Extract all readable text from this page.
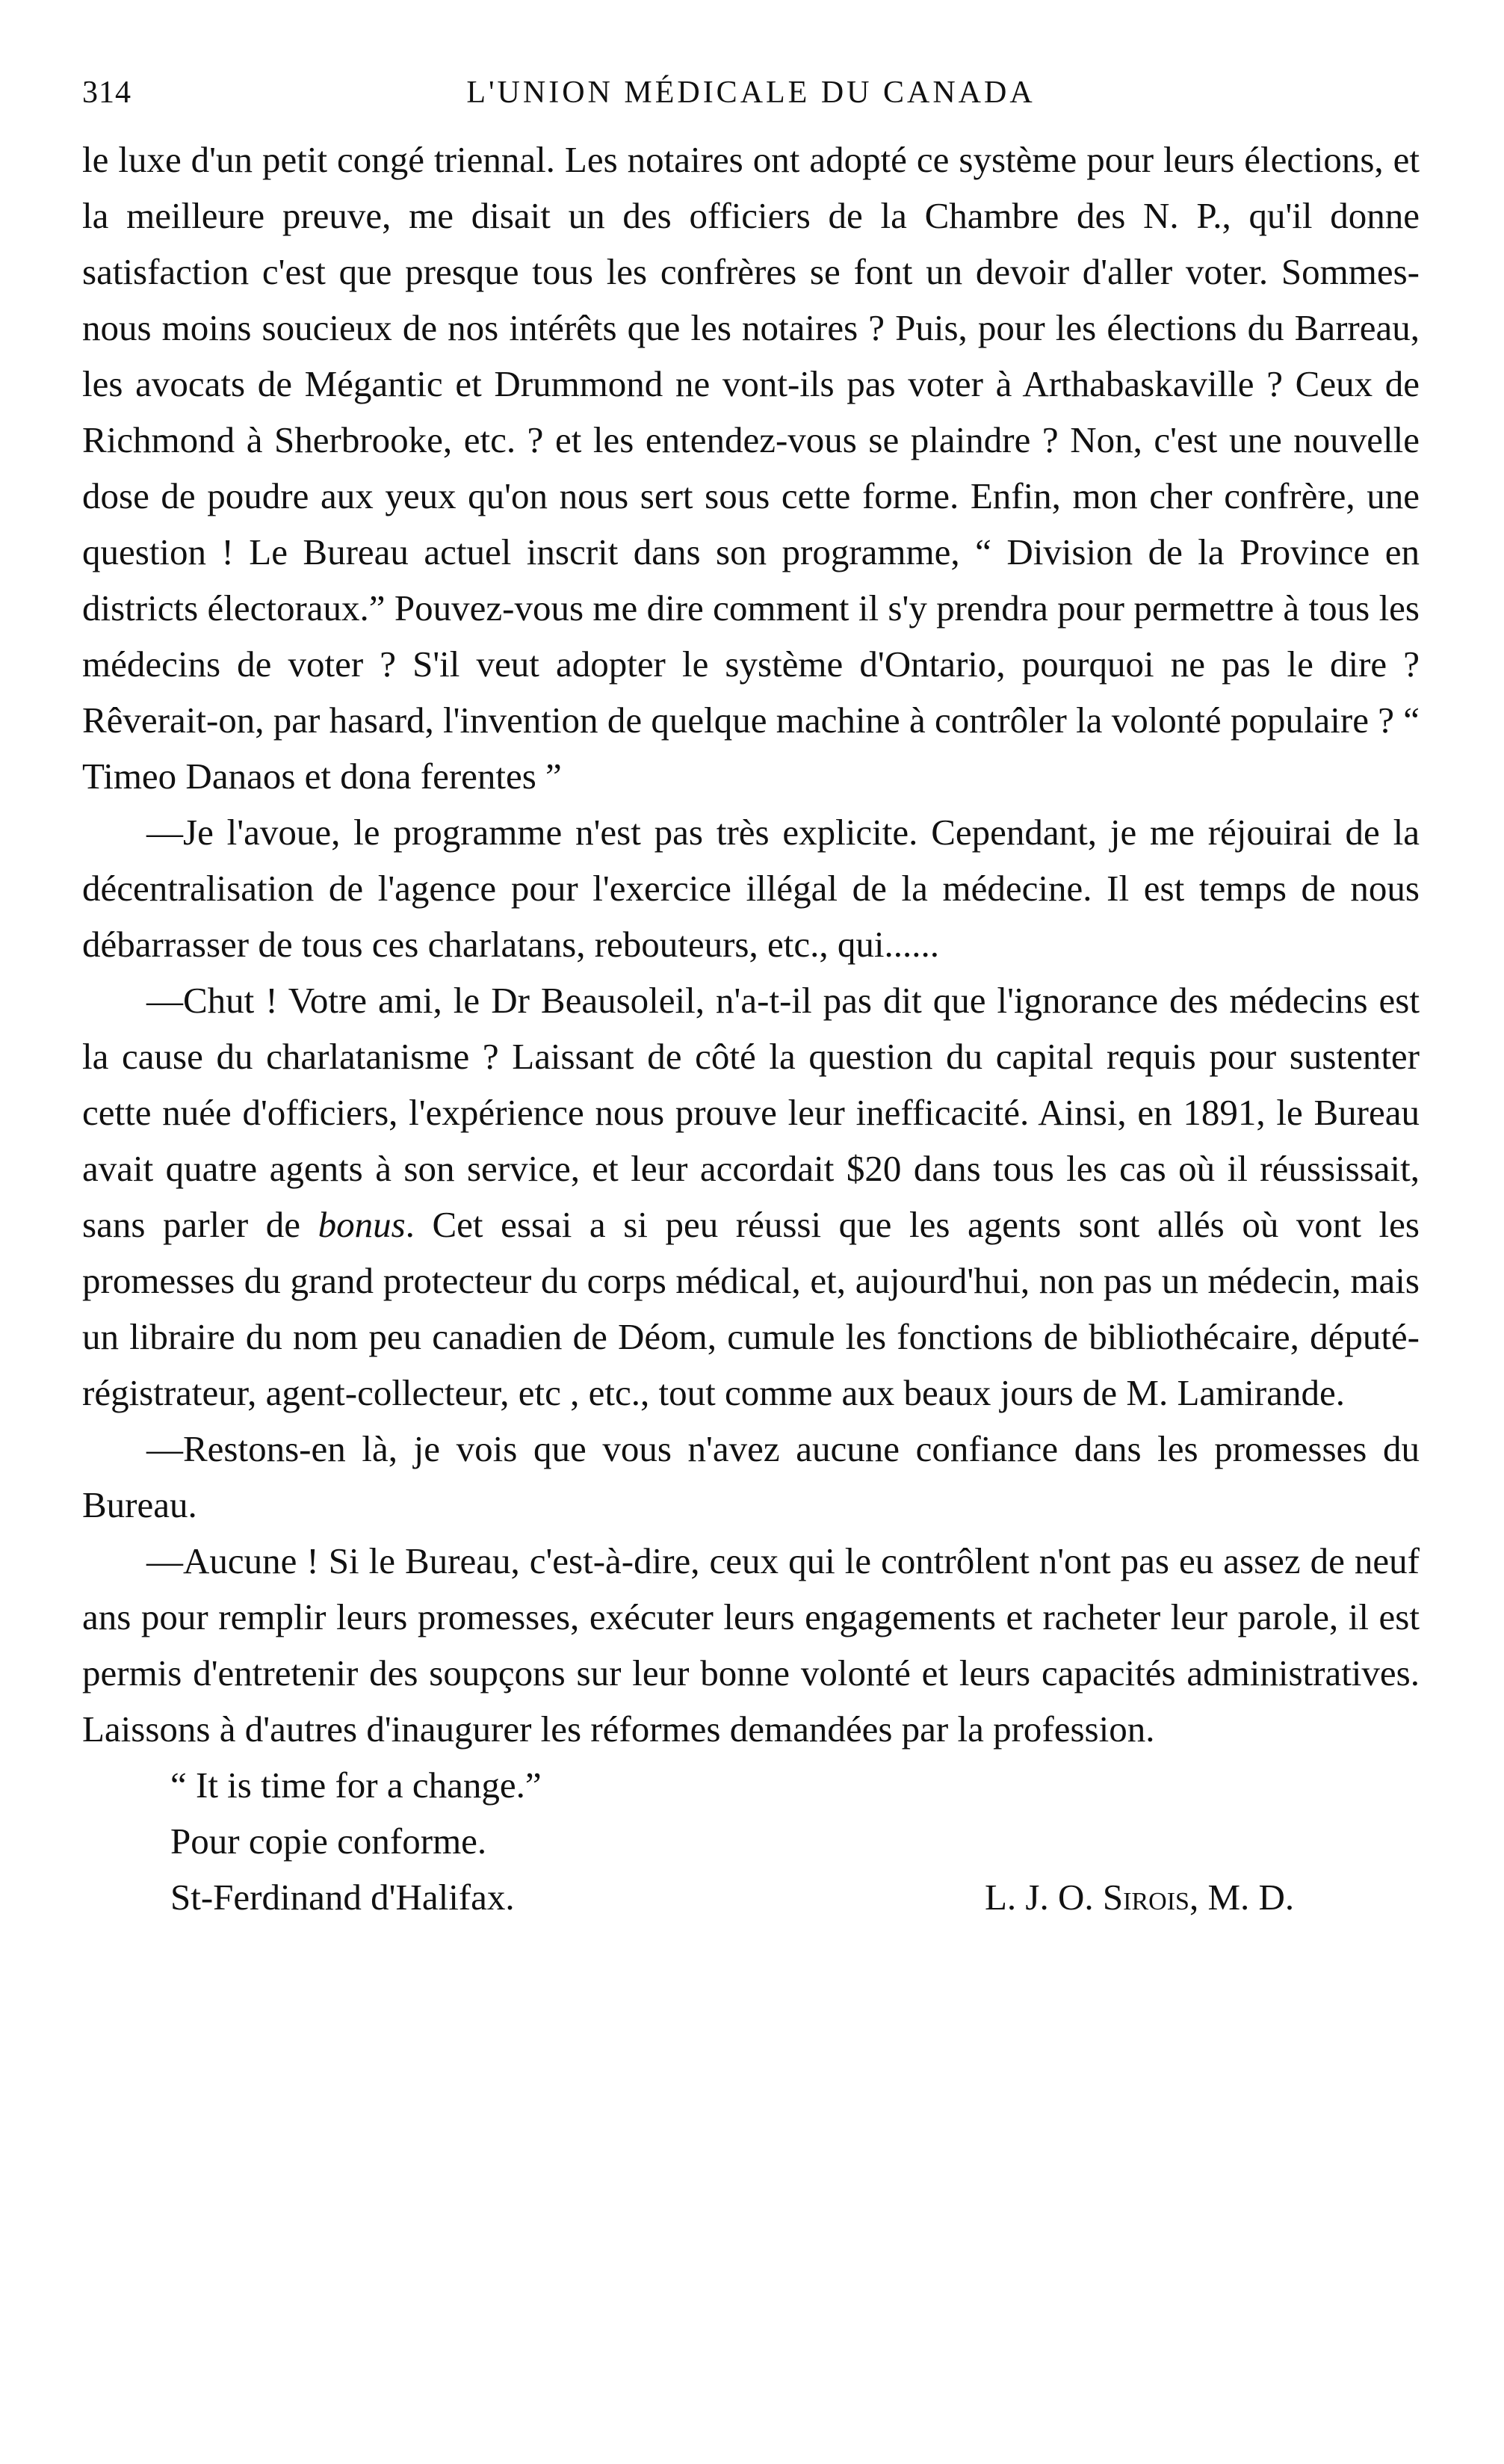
314	L'UNION MÉDICALE DU CANADA

le luxe d'un petit congé triennal. Les notaires ont adopté ce système pour leurs élections, et la meilleure preuve, me disait un des officiers de la Chambre des N. P., qu'il donne satisfaction c'est que presque tous les confrères se font un devoir d'aller voter. Sommes-nous moins soucieux de nos intérêts que les notaires ? Puis, pour les élections du Barreau, les avocats de Mégantic et Drummond ne vont-ils pas voter à Arthabaskaville ? Ceux de Richmond à Sherbrooke, etc. ? et les entendez-vous se plaindre ? Non, c'est une nouvelle dose de poudre aux yeux qu'on nous sert sous cette forme. Enfin, mon cher confrère, une question ! Le Bureau actuel inscrit dans son programme, “ Division de la Province en districts électoraux.” Pouvez-vous me dire comment il s'y prendra pour permettre à tous les médecins de voter ? S'il veut adopter le système d'Ontario, pourquoi ne pas le dire ? Rêverait-on, par hasard, l'invention de quelque machine à contrôler la volonté populaire ? “ Timeo Danaos et dona ferentes ”

—Je l'avoue, le programme n'est pas très explicite. Cependant, je me réjouirai de la décentralisation de l'agence pour l'exercice illégal de la médecine. Il est temps de nous débarrasser de tous ces charlatans, rebouteurs, etc., qui......

—Chut ! Votre ami, le Dr Beausoleil, n'a-t-il pas dit que l'ignorance des médecins est la cause du charlatanisme ? Laissant de côté la question du capital requis pour sustenter cette nuée d'officiers, l'expérience nous prouve leur inefficacité. Ainsi, en 1891, le Bureau avait quatre agents à son service, et leur accordait $20 dans tous les cas où il réussissait, sans parler de bonus. Cet essai a si peu réussi que les agents sont allés où vont les promesses du grand protecteur du corps médical, et, aujourd'hui, non pas un médecin, mais un libraire du nom peu canadien de Déom, cumule les fonctions de bibliothécaire, député-régistrateur, agent-collecteur, etc , etc., tout comme aux beaux jours de M. Lamirande.

—Restons-en là, je vois que vous n'avez aucune confiance dans les promesses du Bureau.

—Aucune ! Si le Bureau, c'est-à-dire, ceux qui le contrôlent n'ont pas eu assez de neuf ans pour remplir leurs promesses, exécuter leurs engagements et racheter leur parole, il est permis d'entretenir des soupçons sur leur bonne volonté et leurs capacités administratives. Laissons à d'autres d'inaugurer les réformes demandées par la profession.

“ It is time for a change.”

Pour copie conforme.

St-Ferdinand d'Halifax.	L. J. O. Sirois, M. D.
